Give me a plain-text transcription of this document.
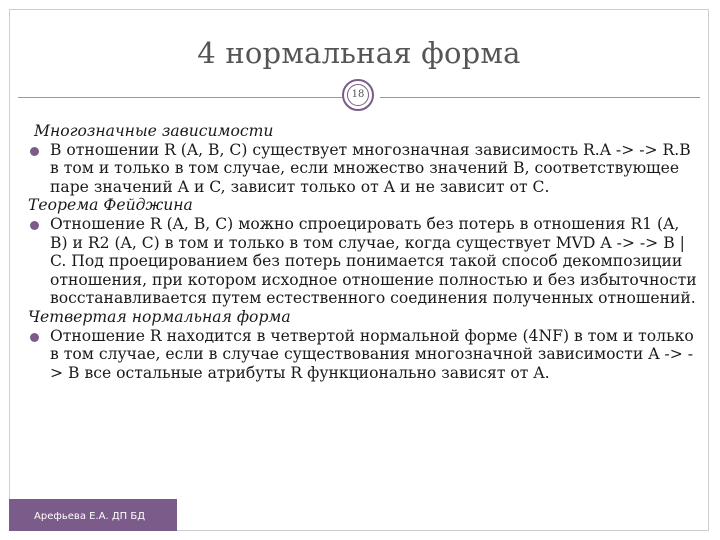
4 нормальная форма
18

Многозначные зависимости

В отношении R (A, B, C) существует многозначная зависимость R.A -> -> R.B в том и только в том случае, если множество значений B, соответствующее паре значений A и C, зависит только от A и не зависит от С.

Теорема Фейджина

Отношение R (A, B, C) можно спроецировать без потерь в отношения R1 (A, B) и R2 (A, C) в том и только в том случае, когда существует MVD A -> -> B | C. Под проецированием без потерь понимается такой способ декомпозиции отношения, при котором исходное отношение полностью и без избыточности восстанавливается путем естественного соединения полученных отношений.

Четвертая нормальная форма

Отношение R находится в четвертой нормальной форме (4NF) в том и только в том случае, если в случае существования многозначной зависимости A -> -> B все остальные атрибуты R функционально зависят от A.

Арефьева Е.А. ДП БД
